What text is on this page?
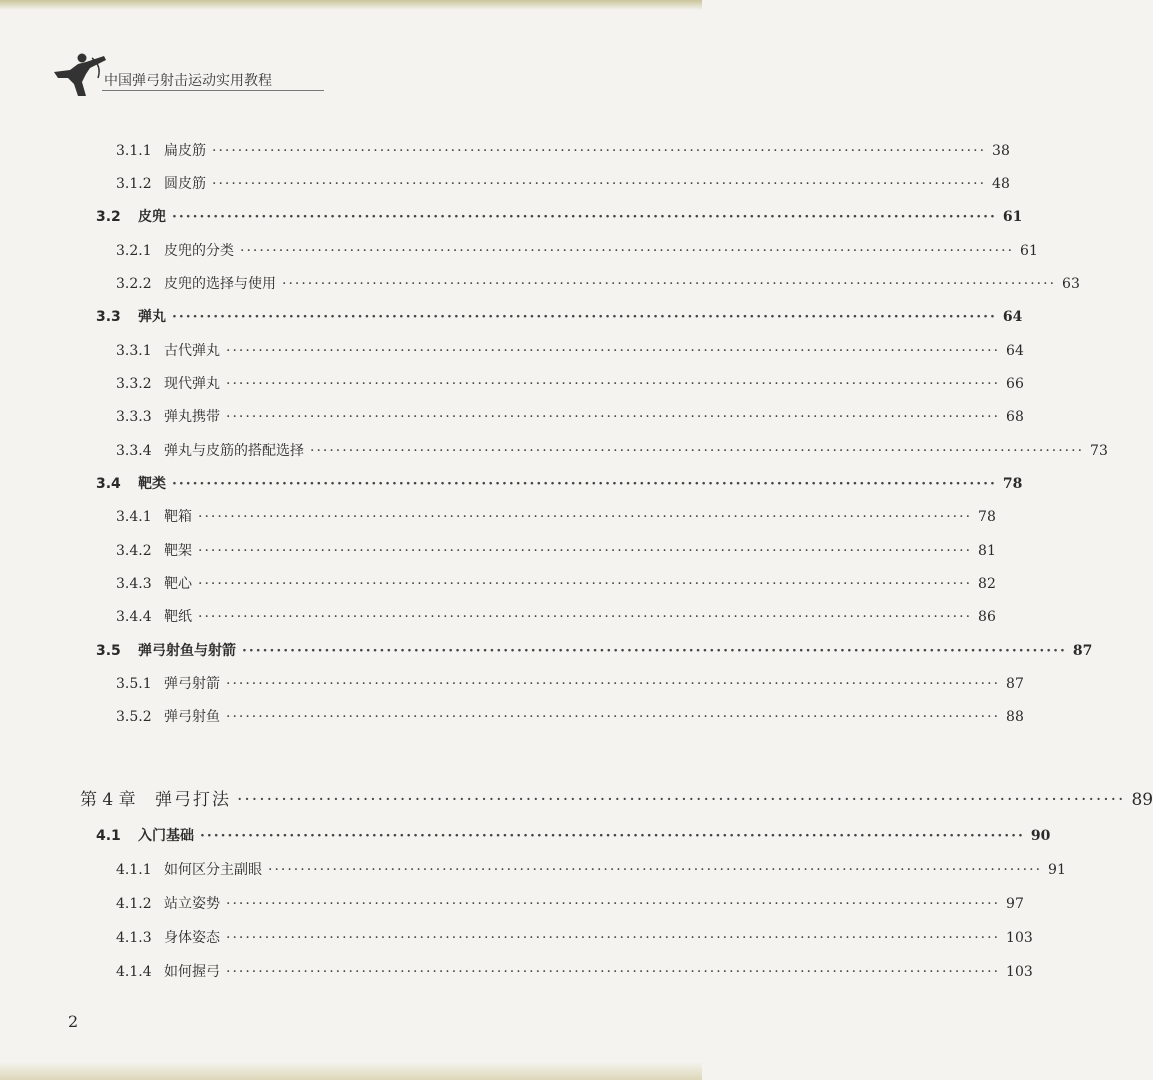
中国弹弓射击运动实用教程
3.1.1 扁皮筋 ························································································································ 38
3.1.2 圆皮筋 ························································································································ 48
3.2	皮兜 ························································································································ 61
3.2.1 皮兜的分类 ························································································································ 61
3.2.2 皮兜的选择与使用 ························································································································ 63
3.3	弹丸 ························································································································ 64
3.3.1 古代弹丸 ························································································································ 64
3.3.2 现代弹丸 ························································································································ 66
3.3.3 弹丸携带 ························································································································ 68
3.3.4 弹丸与皮筋的搭配选择 ························································································································ 73
3.4	靶类 ························································································································ 78
3.4.1 靶箱 ························································································································ 78
3.4.2 靶架 ························································································································ 81
3.4.3 靶心 ························································································································ 82
3.4.4 靶纸 ························································································································ 86
3.5	弹弓射鱼与射箭 ························································································································ 87
3.5.1 弹弓射箭 ························································································································ 87
3.5.2 弹弓射鱼 ························································································································ 88
第 4 章	弹弓打法 ························································································································ 89
4.1	入门基础 ························································································································ 90
4.1.1 如何区分主副眼 ························································································································ 91
4.1.2 站立姿势 ························································································································ 97
4.1.3 身体姿态 ························································································································ 103
4.1.4 如何握弓 ························································································································ 103
2
